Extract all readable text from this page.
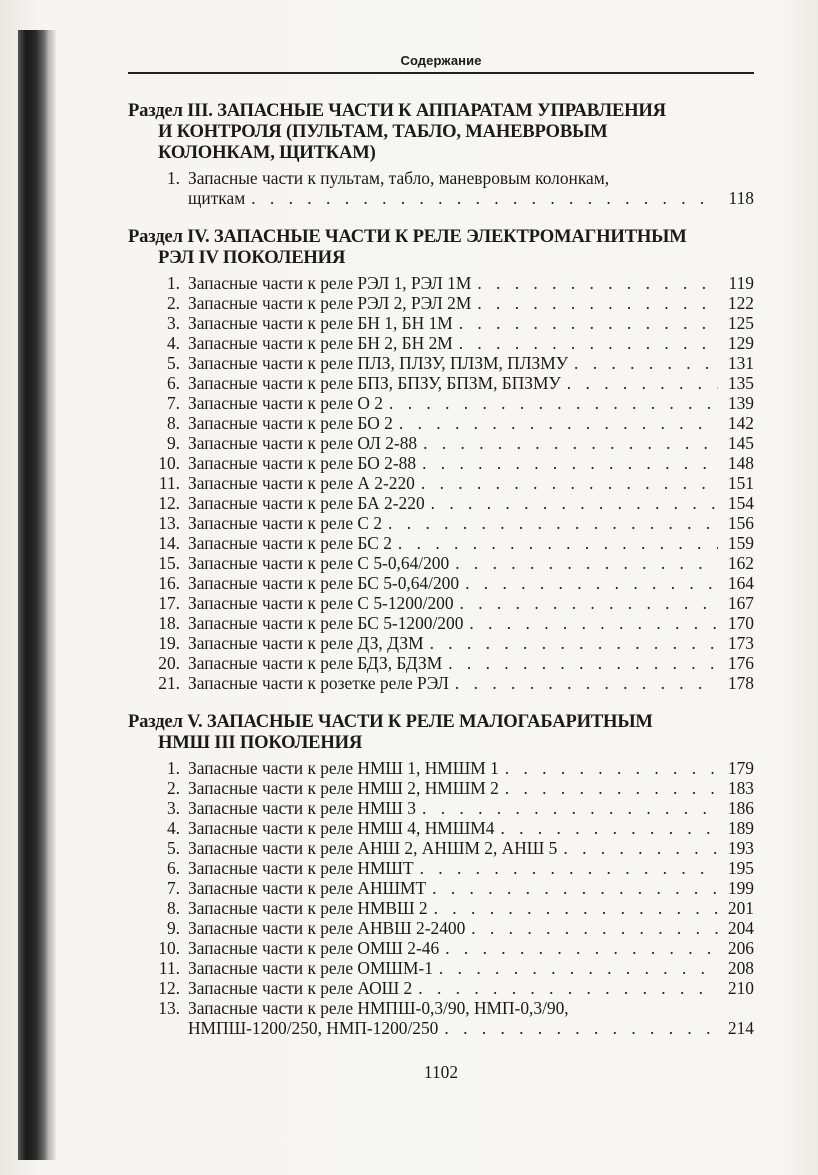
Содержание
Раздел III. ЗАПАСНЫЕ ЧАСТИ К АППАРАТАМ УПРАВЛЕНИЯ
И КОНТРОЛЯ (ПУЛЬТАМ, ТАБЛО, МАНЕВРОВЫМ
КОЛОНКАМ, ЩИТКАМ)
1. Запасные части к пультам, табло, маневровым колонкам,
щиткам . . .	118
Раздел IV. ЗАПАСНЫЕ ЧАСТИ К РЕЛЕ ЭЛЕКТРОМАГНИТНЫМ
РЭЛ IV ПОКОЛЕНИЯ
1. Запасные части к реле РЭЛ 1, РЭЛ 1М . . .	119
2. Запасные части к реле РЭЛ 2, РЭЛ 2М . . .	122
3. Запасные части к реле БН 1, БН 1М . . .	125
4. Запасные части к реле БН 2, БН 2М . . .	129
5. Запасные части к реле ПЛЗ, ПЛЗУ, ПЛЗМ, ПЛЗМУ . . .	131
6. Запасные части к реле БПЗ, БПЗУ, БПЗМ, БПЗМУ . . .	135
7. Запасные части к реле О 2 . . .	139
8. Запасные части к реле БО 2 . . .	142
9. Запасные части к реле ОЛ 2-88 . . .	145
10. Запасные части к реле БО 2-88 . . .	148
11. Запасные части к реле А 2-220 . . .	151
12. Запасные части к реле БА 2-220 . . .	154
13. Запасные части к реле С 2 . . .	156
14. Запасные части к реле БС 2 . . .	159
15. Запасные части к реле С 5-0,64/200 . . .	162
16. Запасные части к реле БС 5-0,64/200 . . .	164
17. Запасные части к реле С 5-1200/200 . . .	167
18. Запасные части к реле БС 5-1200/200 . . .	170
19. Запасные части к реле ДЗ, ДЗМ . . .	173
20. Запасные части к реле БДЗ, БДЗМ . . .	176
21. Запасные части к розетке реле РЭЛ . . .	178
Раздел V. ЗАПАСНЫЕ ЧАСТИ К РЕЛЕ МАЛОГАБАРИТНЫМ
НМШ III ПОКОЛЕНИЯ
1. Запасные части к реле НМШ 1, НМШМ 1 . . .	179
2. Запасные части к реле НМШ 2, НМШМ 2 . . .	183
3. Запасные части к реле НМШ 3 . . .	186
4. Запасные части к реле НМШ 4, НМШМ4 . . .	189
5. Запасные части к реле АНШ 2, АНШМ 2, АНШ 5 . . .	193
6. Запасные части к реле НМШТ . . .	195
7. Запасные части к реле АНШМТ . . .	199
8. Запасные части к реле НМВШ 2 . . .	201
9. Запасные части к реле АНВШ 2-2400 . . .	204
10. Запасные части к реле ОМШ 2-46 . . .	206
11. Запасные части к реле ОМШМ-1 . . .	208
12. Запасные части к реле АОШ 2 . . .	210
13. Запасные части к реле НМПШ-0,3/90, НМП-0,3/90,
НМПШ-1200/250, НМП-1200/250 . . .	214
1102
